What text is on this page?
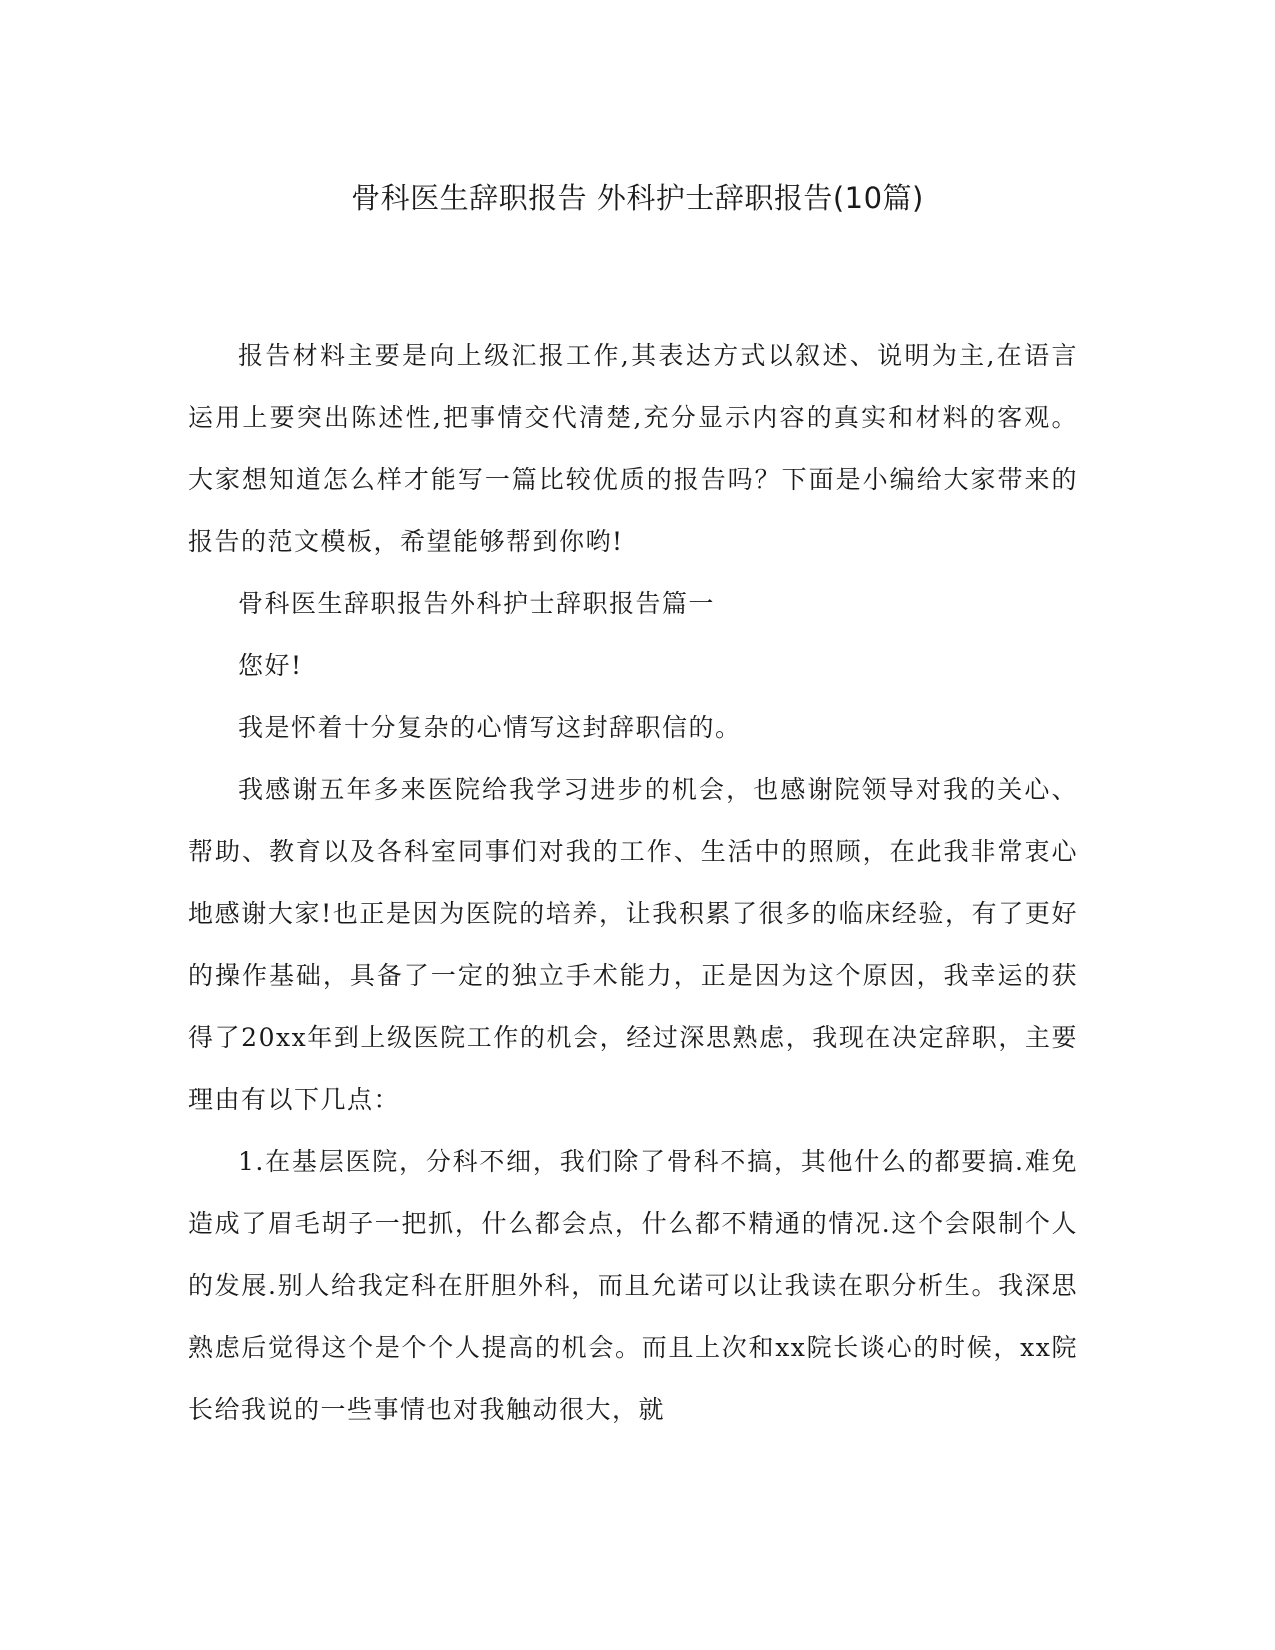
骨科医生辞职报告 外科护士辞职报告(10篇)

报告材料主要是向上级汇报工作,其表达方式以叙述、说明为主,在语言运用上要突出陈述性,把事情交代清楚,充分显示内容的真实和材料的客观。大家想知道怎么样才能写一篇比较优质的报告吗？下面是小编给大家带来的报告的范文模板，希望能够帮到你哟!

骨科医生辞职报告外科护士辞职报告篇一

您好!

我是怀着十分复杂的心情写这封辞职信的。

我感谢五年多来医院给我学习进步的机会，也感谢院领导对我的关心、帮助、教育以及各科室同事们对我的工作、生活中的照顾，在此我非常衷心地感谢大家!也正是因为医院的培养，让我积累了很多的临床经验，有了更好的操作基础，具备了一定的独立手术能力，正是因为这个原因，我幸运的获得了20xx年到上级医院工作的机会，经过深思熟虑，我现在决定辞职，主要理由有以下几点：

1.在基层医院，分科不细，我们除了骨科不搞，其他什么的都要搞.难免造成了眉毛胡子一把抓，什么都会点，什么都不精通的情况.这个会限制个人的发展.别人给我定科在肝胆外科，而且允诺可以让我读在职分析生。我深思熟虑后觉得这个是个个人提高的机会。而且上次和xx院长谈心的时候，xx院长给我说的一些事情也对我触动很大，就
